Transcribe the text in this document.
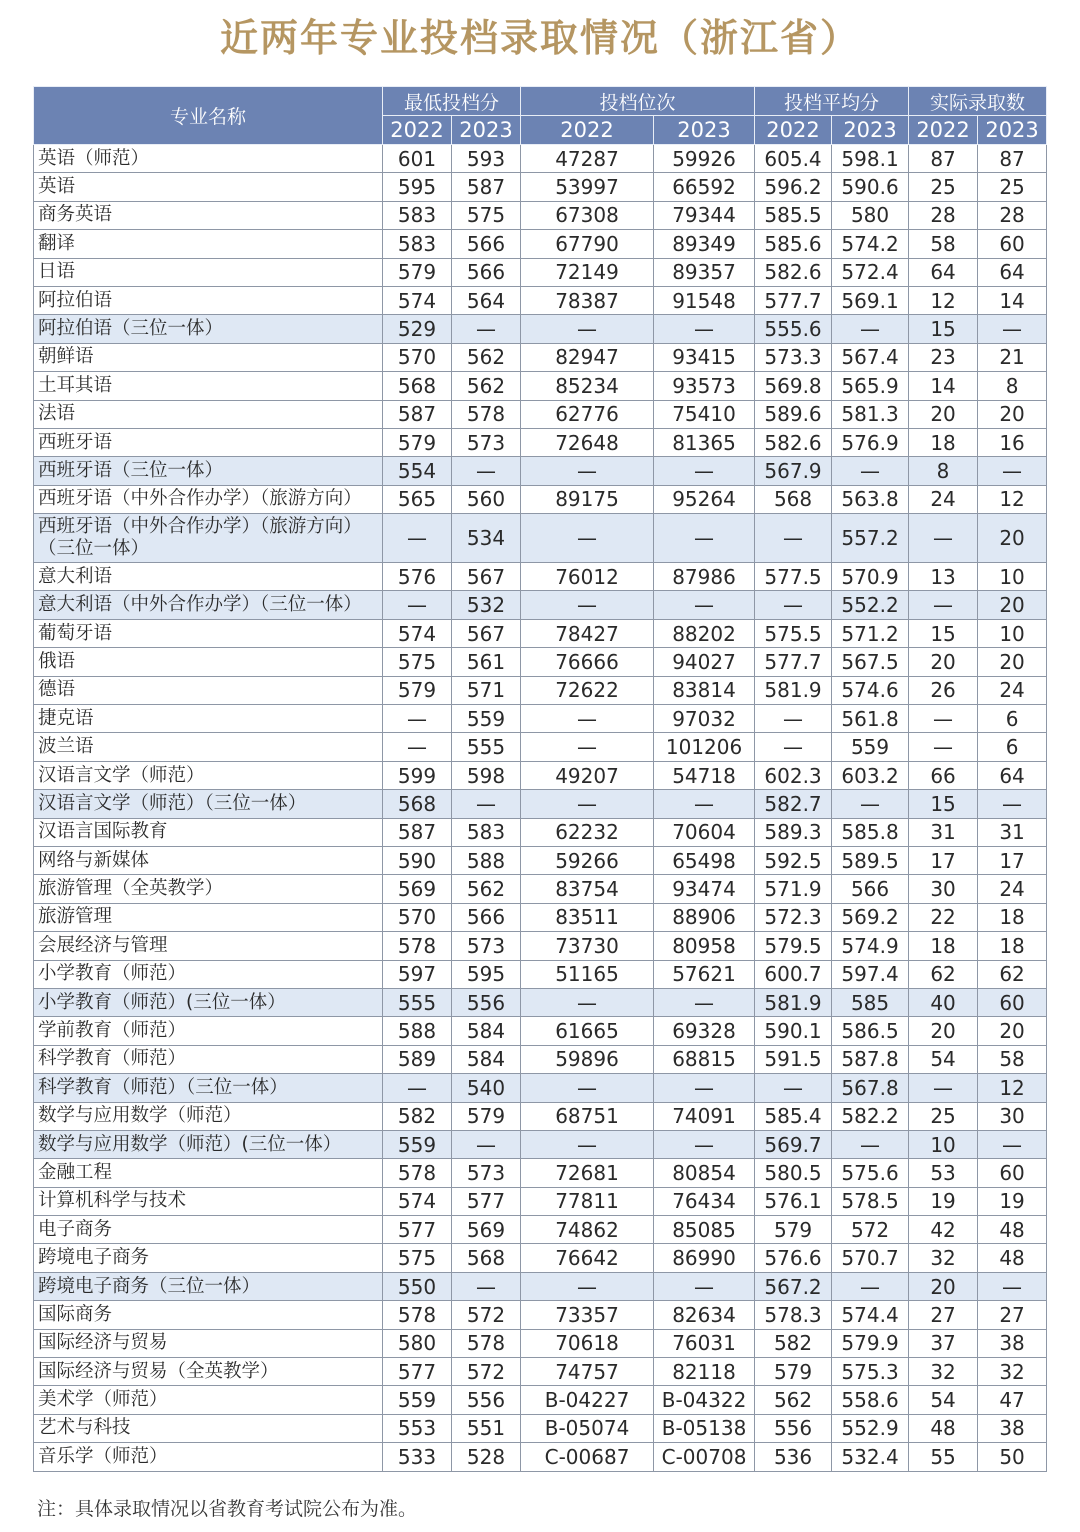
近两年专业投档录取情况（浙江省）
专业名称	最低投档分		投档位次		投档平均分		实际录取数	
	2022	2023	2022	2023	2022	2023	2022	2023
英语（师范）	601	593	47287	59926	605.4	598.1	87	87
英语	595	587	53997	66592	596.2	590.6	25	25
商务英语	583	575	67308	79344	585.5	580	28	28
翻译	583	566	67790	89349	585.6	574.2	58	60
日语	579	566	72149	89357	582.6	572.4	64	64
阿拉伯语	574	564	78387	91548	577.7	569.1	12	14
阿拉伯语（三位一体）	529	—	—	—	555.6	—	15	—
朝鲜语	570	562	82947	93415	573.3	567.4	23	21
土耳其语	568	562	85234	93573	569.8	565.9	14	8
法语	587	578	62776	75410	589.6	581.3	20	20
西班牙语	579	573	72648	81365	582.6	576.9	18	16
西班牙语（三位一体）	554	—	—	—	567.9	—	8	—
西班牙语（中外合作办学）（旅游方向）	565	560	89175	95264	568	563.8	24	12
西班牙语（中外合作办学）（旅游方向）（三位一体）	—	534	—	—	—	557.2	—	20
意大利语	576	567	76012	87986	577.5	570.9	13	10
意大利语（中外合作办学）（三位一体）	—	532	—	—	—	552.2	—	20
葡萄牙语	574	567	78427	88202	575.5	571.2	15	10
俄语	575	561	76666	94027	577.7	567.5	20	20
德语	579	571	72622	83814	581.9	574.6	26	24
捷克语	—	559	—	97032	—	561.8	—	6
波兰语	—	555	—	101206	—	559	—	6
汉语言文学（师范）	599	598	49207	54718	602.3	603.2	66	64
汉语言文学（师范）（三位一体）	568	—	—	—	582.7	—	15	—
汉语言国际教育	587	583	62232	70604	589.3	585.8	31	31
网络与新媒体	590	588	59266	65498	592.5	589.5	17	17
旅游管理（全英教学）	569	562	83754	93474	571.9	566	30	24
旅游管理	570	566	83511	88906	572.3	569.2	22	18
会展经济与管理	578	573	73730	80958	579.5	574.9	18	18
小学教育（师范）	597	595	51165	57621	600.7	597.4	62	62
小学教育（师范）(三位一体）	555	556	—	—	581.9	585	40	60
学前教育（师范）	588	584	61665	69328	590.1	586.5	20	20
科学教育（师范）	589	584	59896	68815	591.5	587.8	54	58
科学教育（师范）（三位一体）	—	540	—	—	—	567.8	—	12
数学与应用数学（师范）	582	579	68751	74091	585.4	582.2	25	30
数学与应用数学（师范）(三位一体）	559	—	—	—	569.7	—	10	—
金融工程	578	573	72681	80854	580.5	575.6	53	60
计算机科学与技术	574	577	77811	76434	576.1	578.5	19	19
电子商务	577	569	74862	85085	579	572	42	48
跨境电子商务	575	568	76642	86990	576.6	570.7	32	48
跨境电子商务（三位一体）	550	—	—	—	567.2	—	20	—
国际商务	578	572	73357	82634	578.3	574.4	27	27
国际经济与贸易	580	578	70618	76031	582	579.9	37	38
国际经济与贸易（全英教学）	577	572	74757	82118	579	575.3	32	32
美术学（师范）	559	556	B-04227	B-04322	562	558.6	54	47
艺术与科技	553	551	B-05074	B-05138	556	552.9	48	38
音乐学（师范）	533	528	C-00687	C-00708	536	532.4	55	50
注：具体录取情况以省教育考试院公布为准。
